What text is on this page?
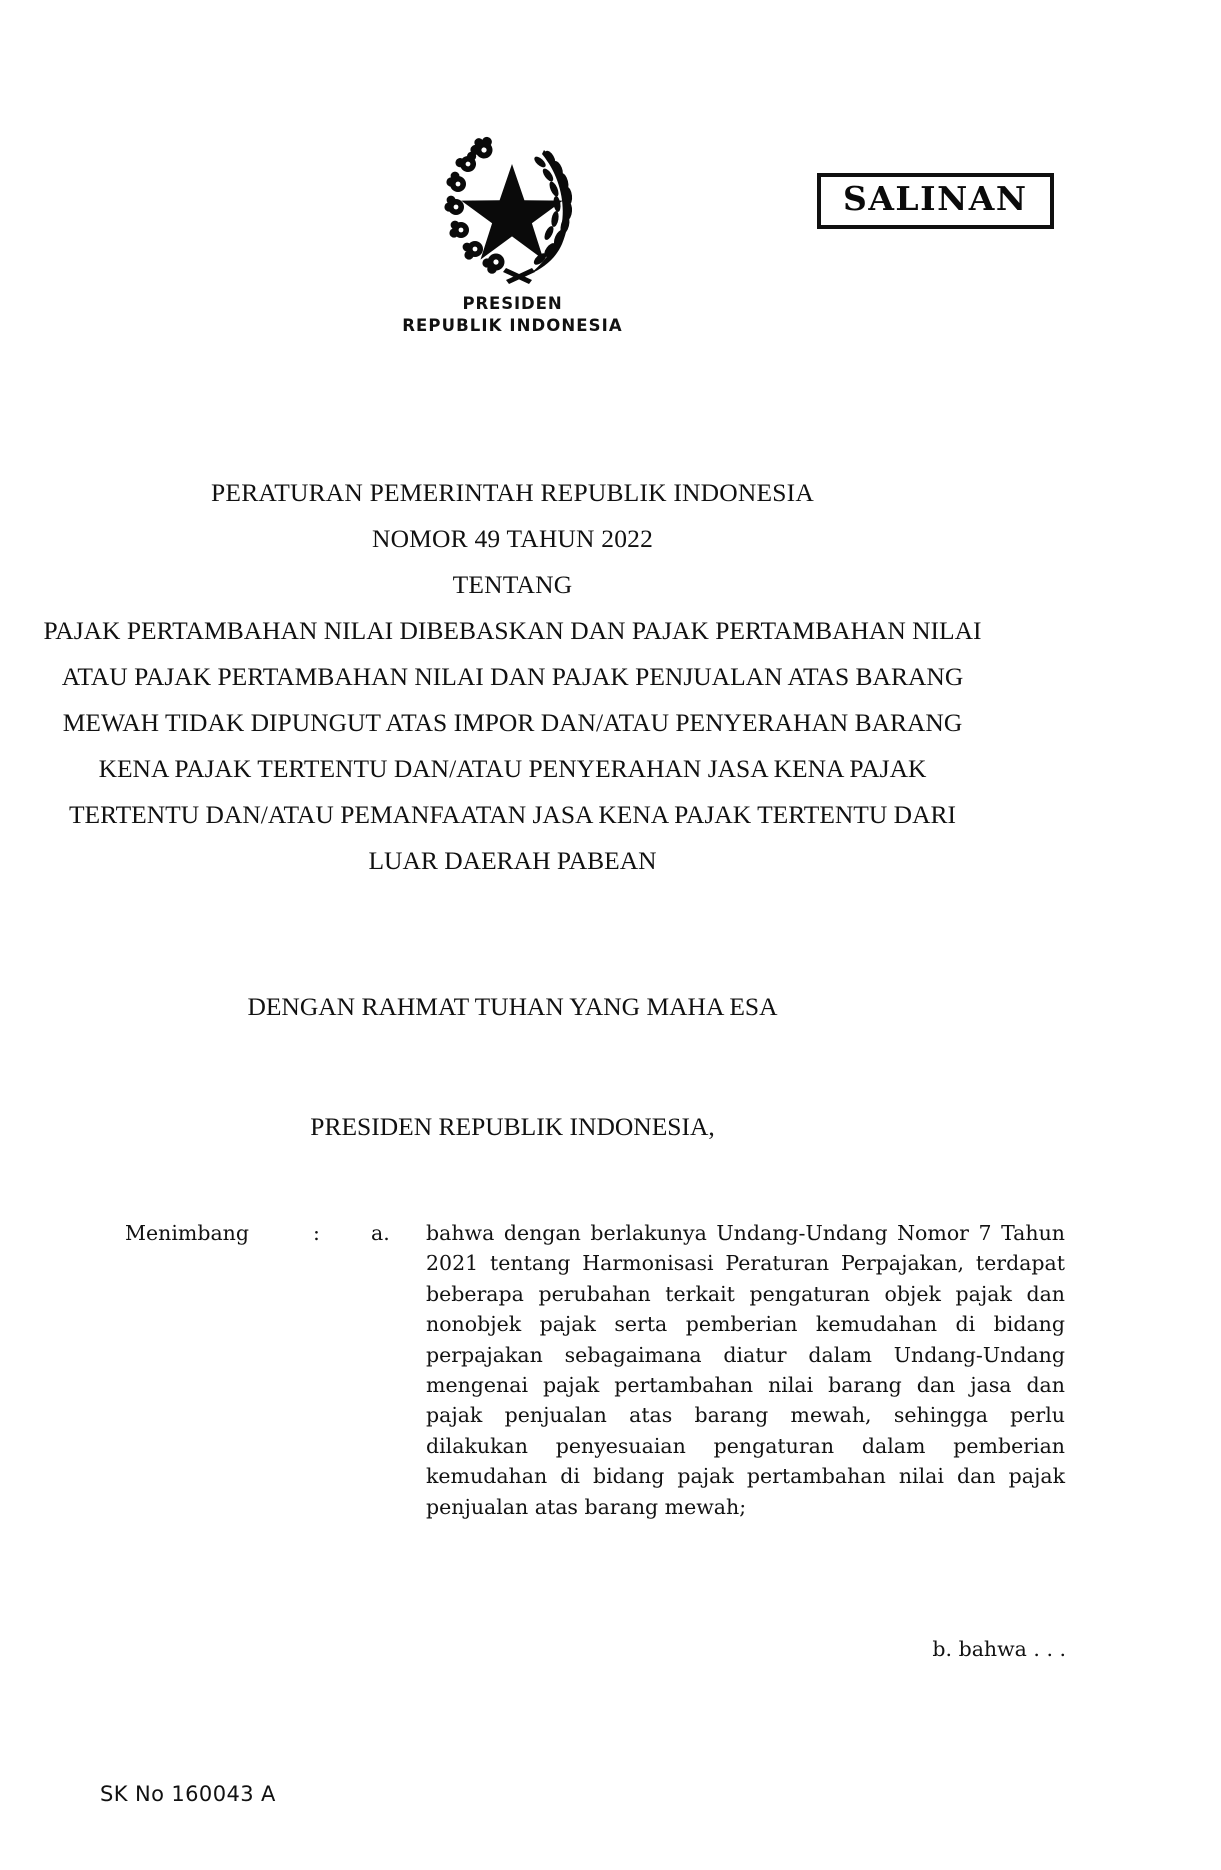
SALINAN
PRESIDEN
REPUBLIK INDONESIA
PERATURAN PEMERINTAH REPUBLIK INDONESIA
NOMOR 49 TAHUN 2022
TENTANG
PAJAK PERTAMBAHAN NILAI DIBEBASKAN DAN PAJAK PERTAMBAHAN NILAI
ATAU PAJAK PERTAMBAHAN NILAI DAN PAJAK PENJUALAN ATAS BARANG
MEWAH TIDAK DIPUNGUT ATAS IMPOR DAN/ATAU PENYERAHAN BARANG
KENA PAJAK TERTENTU DAN/ATAU PENYERAHAN JASA KENA PAJAK
TERTENTU DAN/ATAU PEMANFAATAN JASA KENA PAJAK TERTENTU DARI
LUAR DAERAH PABEAN
DENGAN RAHMAT TUHAN YANG MAHA ESA
PRESIDEN REPUBLIK INDONESIA,
Menimbang	:	a.	bahwa dengan berlakunya Undang-Undang Nomor 7 Tahun 2021 tentang Harmonisasi Peraturan Perpajakan, terdapat beberapa perubahan terkait pengaturan objek pajak dan nonobjek pajak serta pemberian kemudahan di bidang perpajakan sebagaimana diatur dalam Undang-Undang mengenai pajak pertambahan nilai barang dan jasa dan pajak penjualan atas barang mewah, sehingga perlu dilakukan penyesuaian pengaturan dalam pemberian kemudahan di bidang pajak pertambahan nilai dan pajak penjualan atas barang mewah;

b. bahwa . . .
SK No 160043 A
